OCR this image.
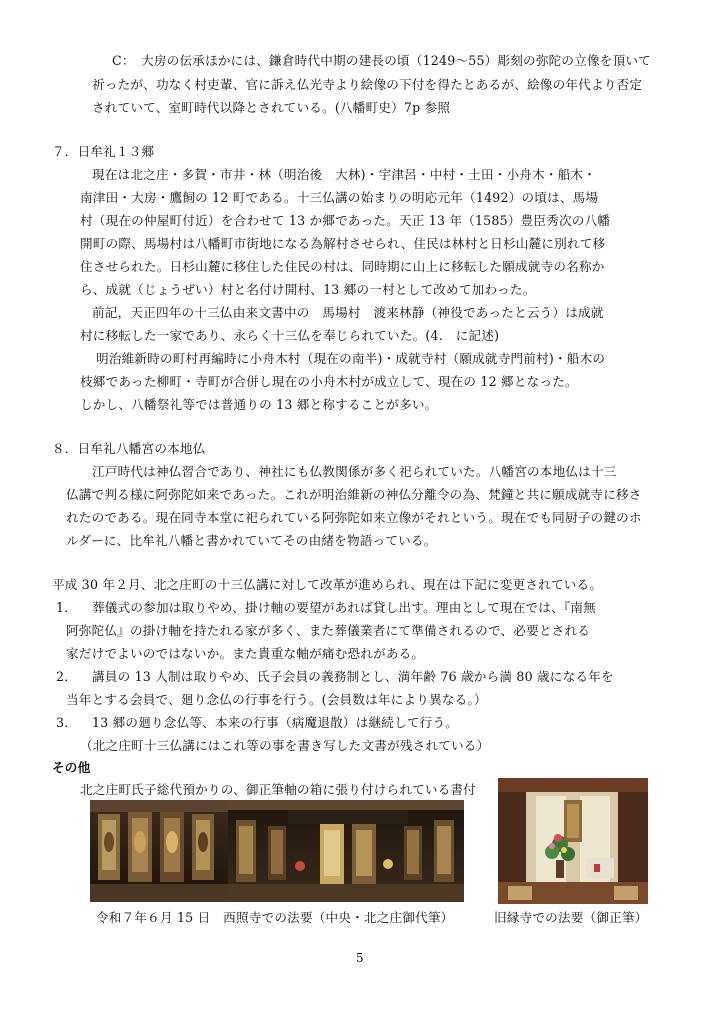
C：　大房の伝承ほかには、鎌倉時代中期の建長の頃（1249～55）彫刻の弥陀の立像を頂いて
祈ったが、功なく村吏輩、官に訴え仏光寺より絵像の下付を得たとあるが、絵像の年代より否定
されていて、室町時代以降とされている。(八幡町史）7p 参照
７．日牟礼１３郷
現在は北之庄・多賀・市井・林（明治後　大林)・宇津呂・中村・土田・小舟木・船木・
南津田・大房・鷹飼の 12 町である。十三仏講の始まりの明応元年（1492）の頃は、馬場
村（現在の仲屋町付近）を合わせて 13 か郷であった。天正 13 年（1585）豊臣秀次の八幡
開町の際、馬場村は八幡町市街地になる為解村させられ、住民は林村と日杉山麓に別れて移
住させられた。日杉山麓に移住した住民の村は、同時期に山上に移転した願成就寺の名称か
ら、成就（じょうぜい）村と名付け開村、13 郷の一村として改めて加わった。
前記，天正四年の十三仏由来文書中の　馬場村　渡来林静（神役であったと云う）は成就
村に移転した一家であり、永らく十三仏を奉じられていた。(4.　に記述)
明治維新時の町村再編時に小舟木村（現在の南半)・成就寺村（願成就寺門前村)・船木の
枝郷であった柳町・寺町が合併し現在の小舟木村が成立して、現在の 12 郷となった。
しかし、八幡祭礼等では普通りの 13 郷と称することが多い。
８．日牟礼八幡宮の本地仏
江戸時代は神仏習合であり、神社にも仏教関係が多く祀られていた。八幡宮の本地仏は十三
仏講で判る様に阿弥陀如来であった。これが明治維新の神仏分離令の為、梵鐘と共に願成就寺に移さ
れたのである。現在同寺本堂に祀られている阿弥陀如来立像がそれという。現在でも同厨子の鍵のホ
ルダーに、比牟礼八幡と書かれていてその由緒を物語っている。
平成 30 年２月、北之庄町の十三仏講に対して改革が進められ、現在は下記に変更されている。
1． 葬儀式の参加は取りやめ、掛け軸の要望があれば貸し出す。理由として現在では、『南無
阿弥陀仏』の掛け軸を持たれる家が多く、また葬儀業者にて準備されるので、必要とされる
家だけでよいのではないか。また貴重な軸が痛む恐れがある。
2． 講員の 13 人制は取りやめ、氏子会員の義務制とし、満年齢 76 歳から満 80 歳になる年を
当年とする会員で、廻り念仏の行事を行う。(会員数は年により異なる。）
3． 13 郷の廻り念仏等、本来の行事（病魔退散）は継続して行う。
（北之庄町十三仏講にはこれ等の事を書き写した文書が残されている）
その他
北之庄町氏子総代預かりの、御正筆軸の箱に張り付けられている書付
令和７年６月 15 日　西照寺での法要（中央・北之庄御代筆）	旧縁寺での法要（御正筆）
5
